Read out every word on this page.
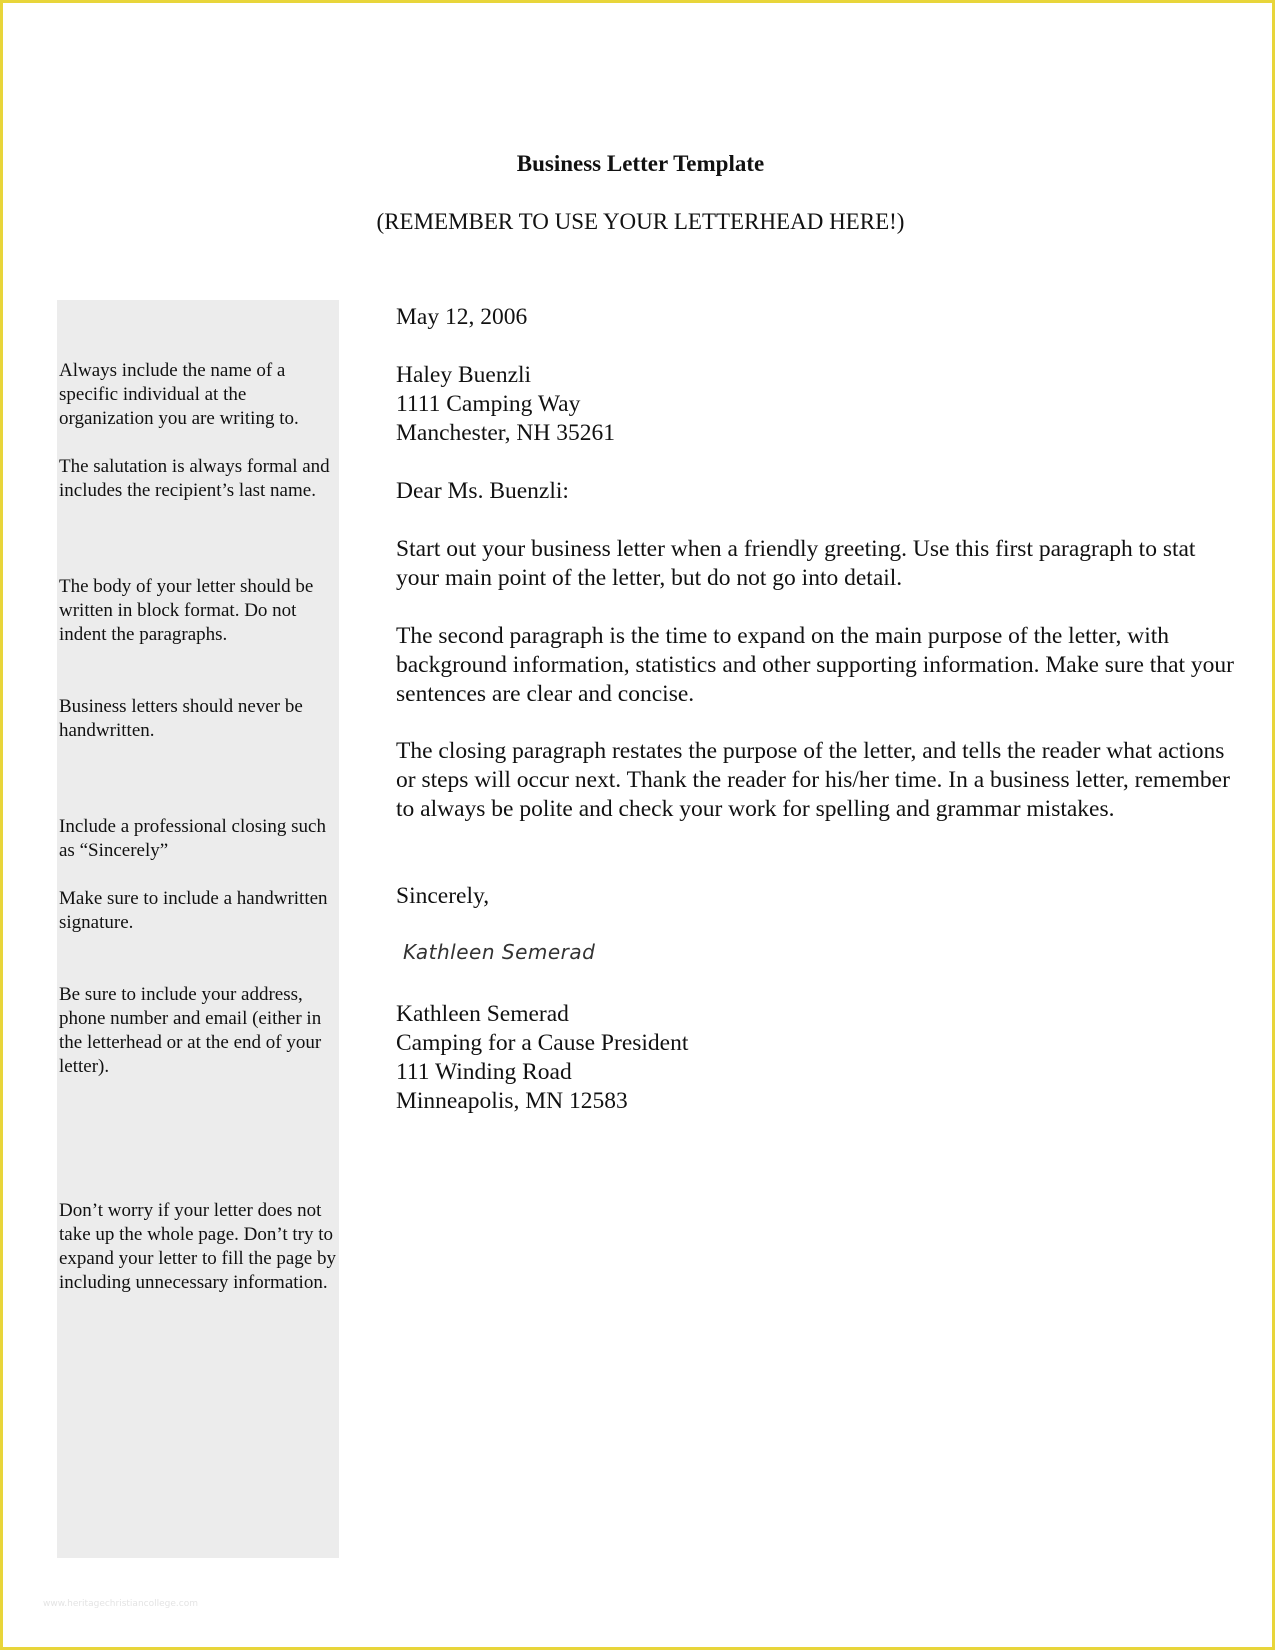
Business Letter Template
(REMEMBER TO USE YOUR LETTERHEAD HERE!)

Always include the name of a specific individual at the organization you are writing to.

The salutation is always formal and includes the recipient’s last name.

The body of your letter should be written in block format. Do not indent the paragraphs.

Business letters should never be handwritten.

Include a professional closing such as “Sincerely”

Make sure to include a handwritten signature.

Be sure to include your address, phone number and email (either in the letterhead or at the end of your letter).

Don’t worry if your letter does not take up the whole page. Don’t try to expand your letter to fill the page by including unnecessary information.

May 12, 2006

Haley Buenzli

1111 Camping Way

Manchester, NH 35261

Dear Ms. Buenzli:

Start out your business letter when a friendly greeting. Use this first paragraph to stat your main point of the letter, but do not go into detail.

The second paragraph is the time to expand on the main purpose of the letter, with background information, statistics and other supporting information. Make sure that your sentences are clear and concise.

The closing paragraph restates the purpose of the letter, and tells the reader what actions or steps will occur next. Thank the reader for his/her time. In a business letter, remember to always be polite and check your work for spelling and grammar mistakes.

Sincerely,

Kathleen Semerad

Kathleen Semerad

Camping for a Cause President

111 Winding Road

Minneapolis, MN 12583

www.heritagechristiancollege.com
